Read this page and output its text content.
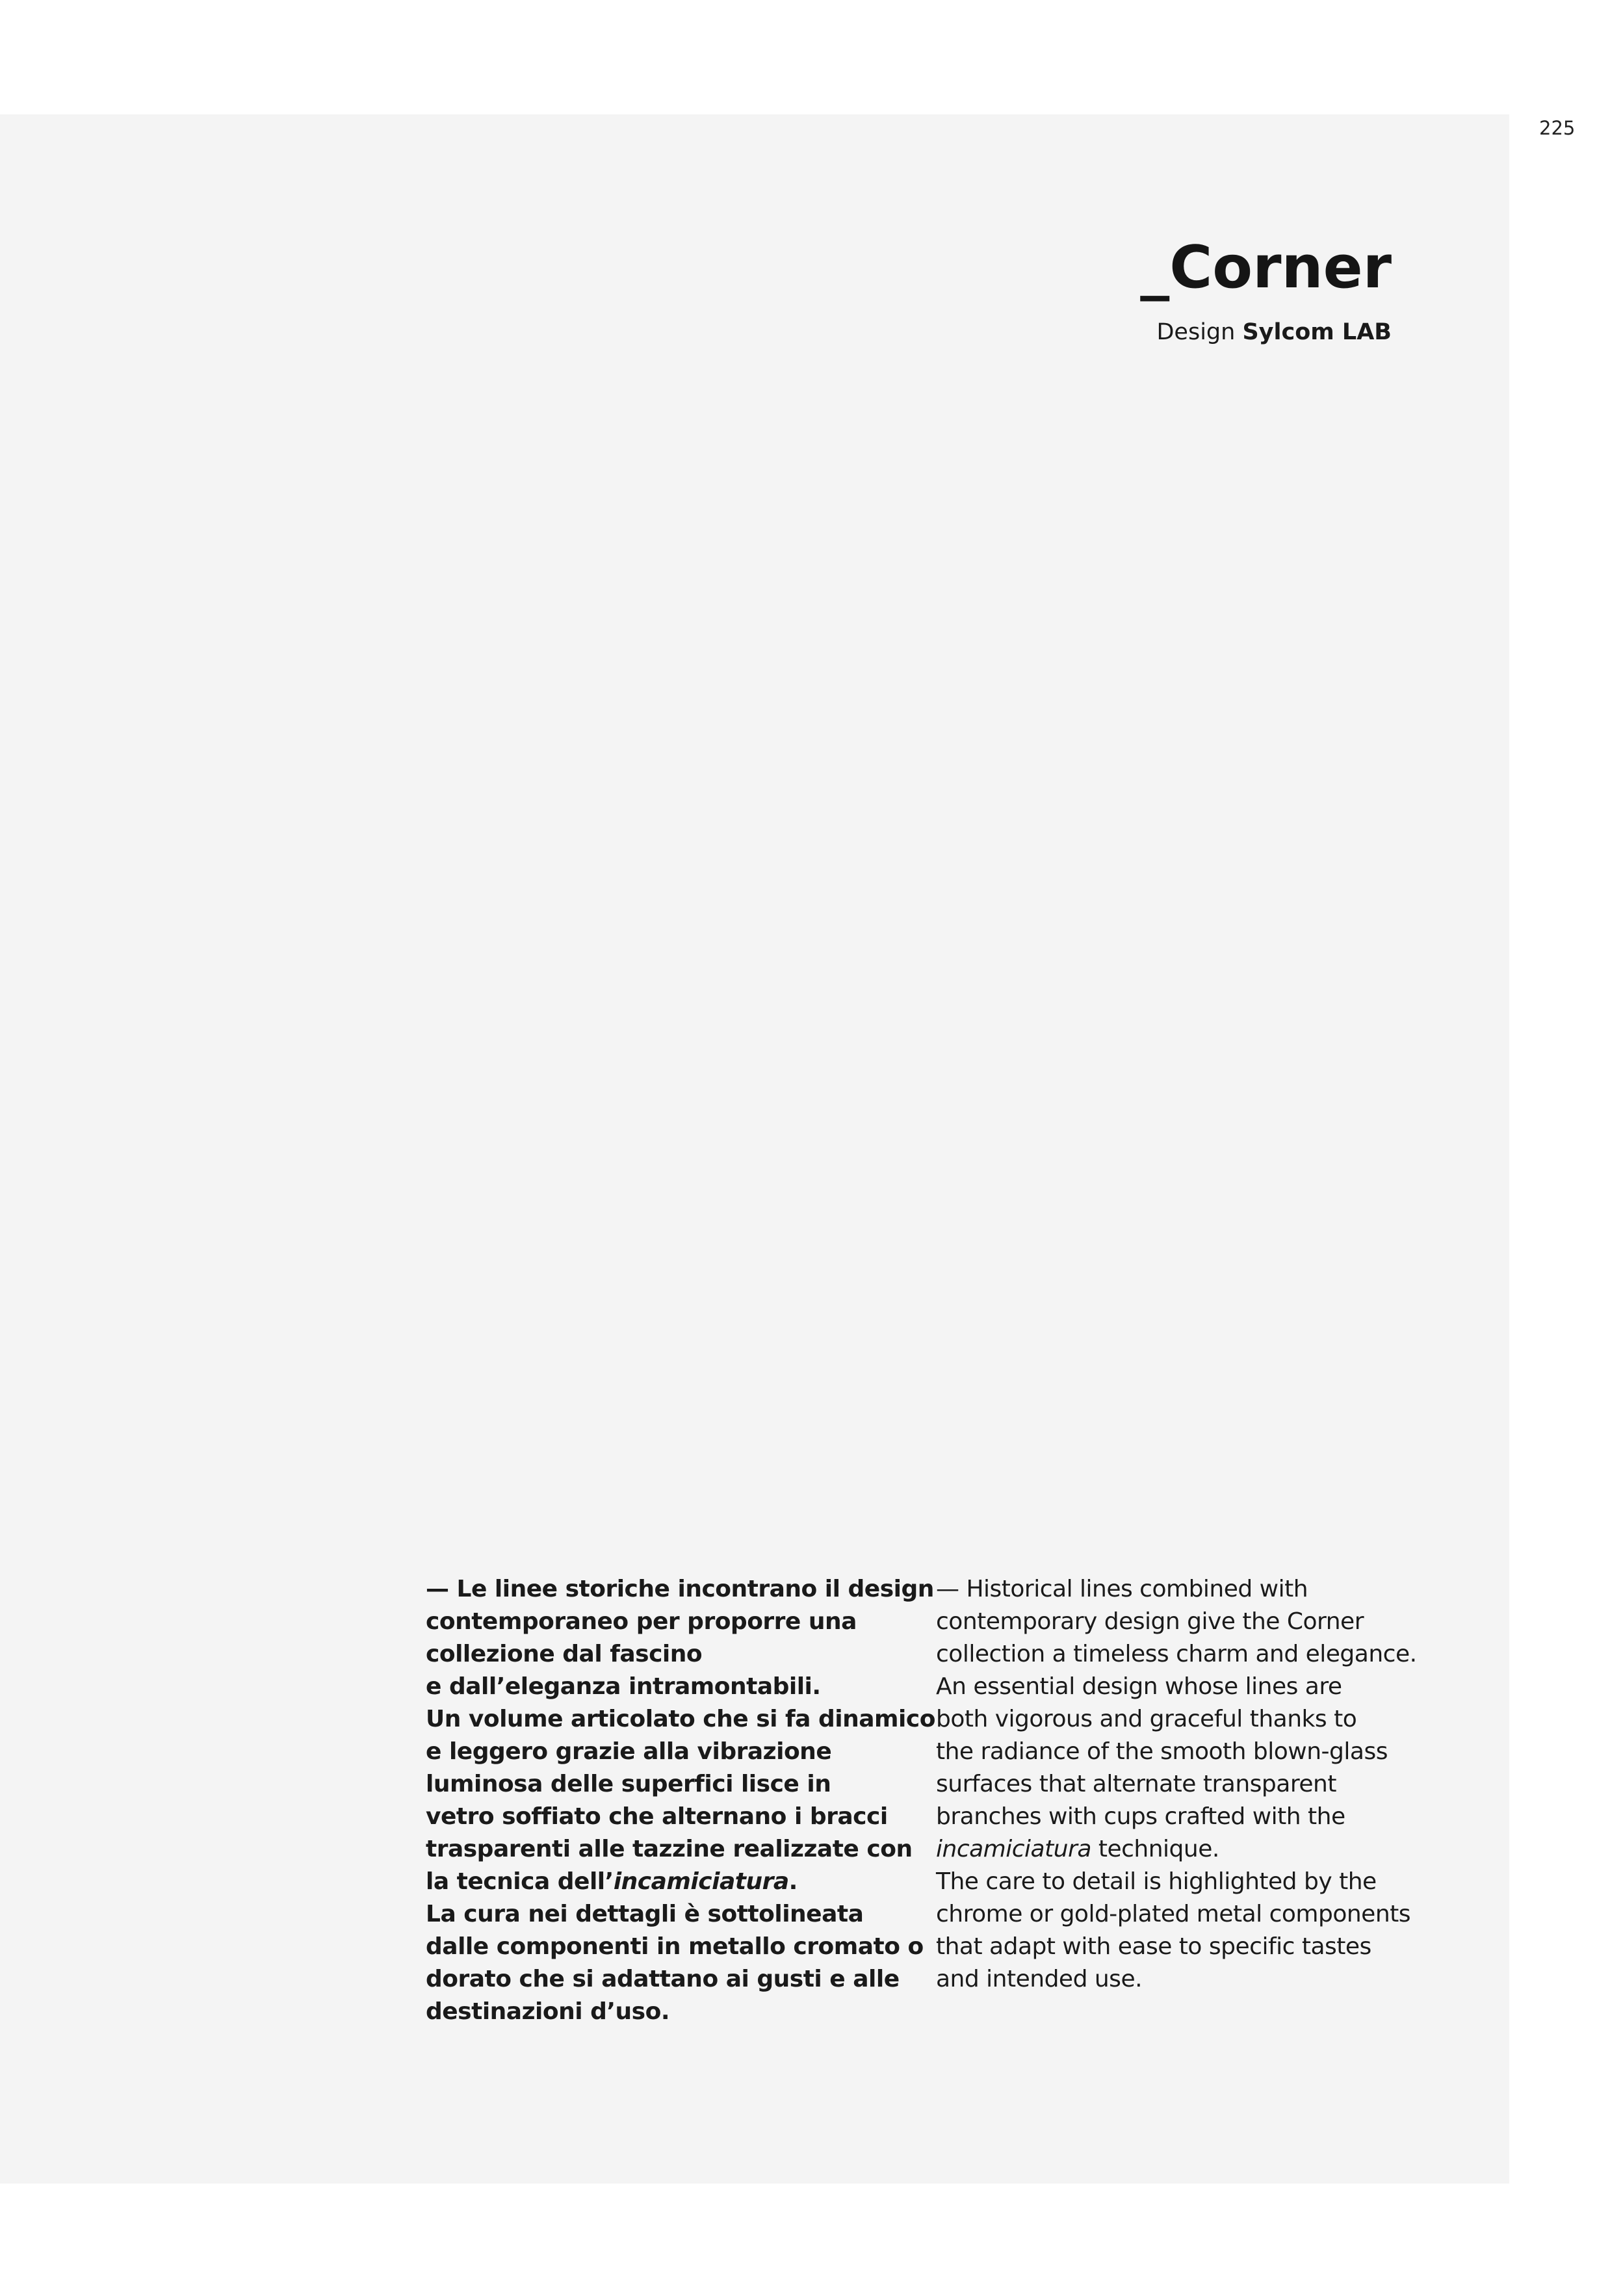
225
_Corner
Design Sylcom LAB
— Le linee storiche incontrano il design
contemporaneo per proporre una
collezione dal fascino
e dall’eleganza intramontabili.
Un volume articolato che si fa dinamico
e leggero grazie alla vibrazione
luminosa delle superfici lisce in
vetro soffiato che alternano i bracci
trasparenti alle tazzine realizzate con
la tecnica dell’incamiciatura.
La cura nei dettagli è sottolineata
dalle componenti in metallo cromato o
dorato che si adattano ai gusti e alle
destinazioni d’uso.
— Historical lines combined with
contemporary design give the Corner
collection a timeless charm and elegance.
An essential design whose lines are
both vigorous and graceful thanks to
the radiance of the smooth blown-glass
surfaces that alternate transparent
branches with cups crafted with the
incamiciatura technique.
The care to detail is highlighted by the
chrome or gold-plated metal components
that adapt with ease to specific tastes
and intended use.
